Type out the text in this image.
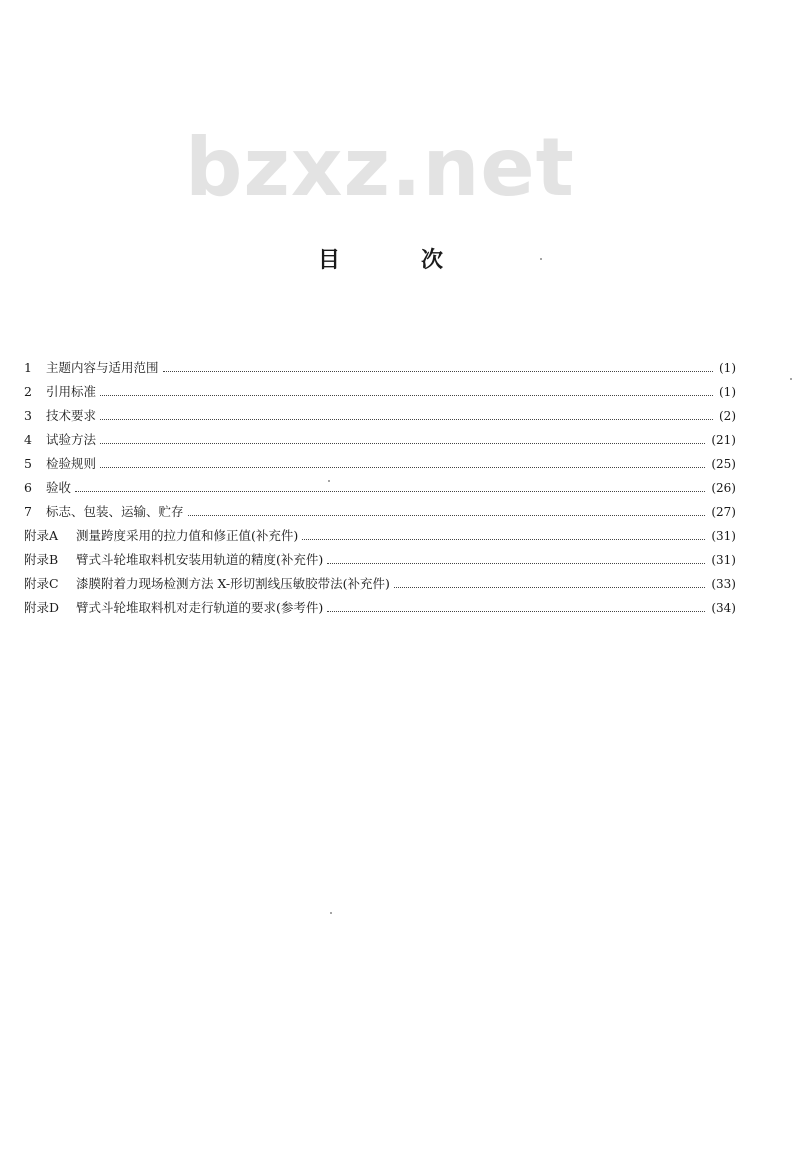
bzxz.net
目	次
1	主题内容与适用范围	(1)
2	引用标准	(1)
3	技术要求	(2)
4	试验方法	(21)
5	检验规则	(25)
6	验收	(26)
7	标志、包装、运输、贮存	(27)
附录A	测量跨度采用的拉力值和修正值(补充件)	(31)
附录B	臂式斗轮堆取料机安装用轨道的精度(补充件)	(31)
附录C	漆膜附着力现场检测方法 X-形切割线压敏胶带法(补充件)	(33)
附录D	臂式斗轮堆取料机对走行轨道的要求(参考件)	(34)
